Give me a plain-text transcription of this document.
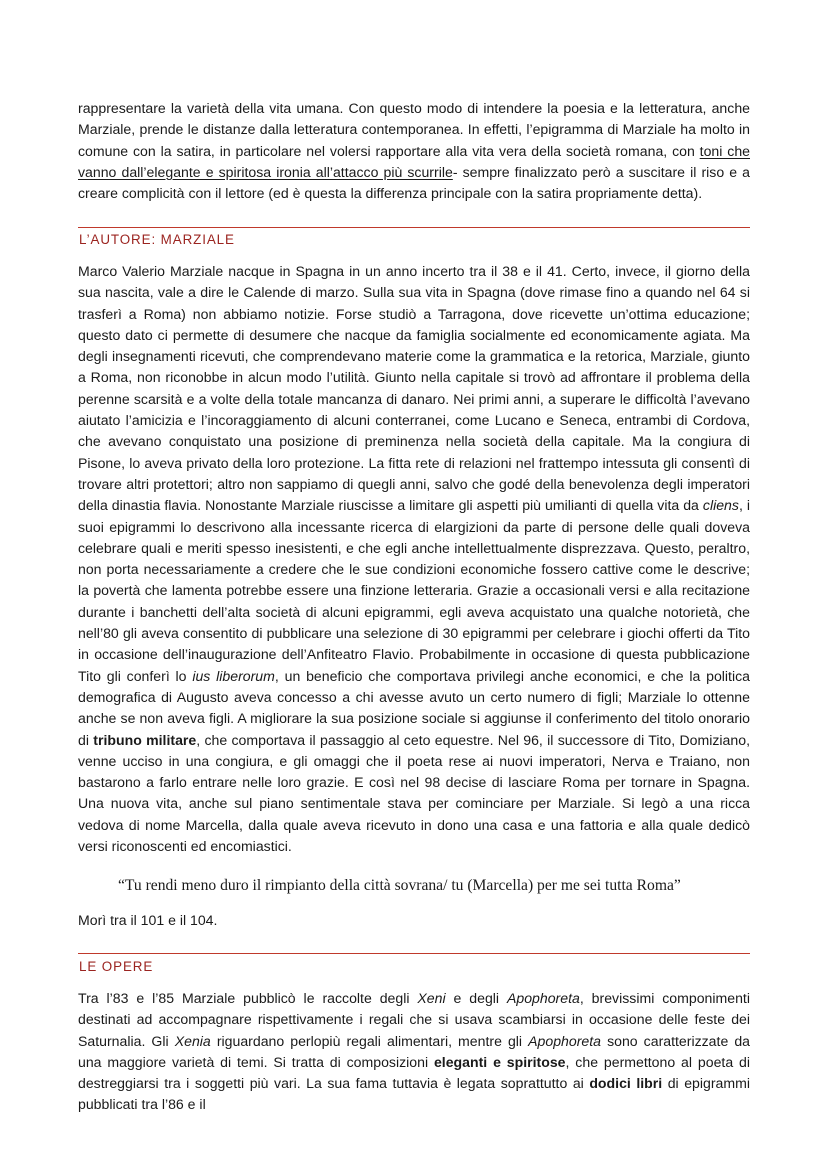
rappresentare la varietà della vita umana. Con questo modo di intendere la poesia e la letteratura, anche Marziale, prende le distanze dalla letteratura contemporanea. In effetti, l’epigramma di Marziale ha molto in comune con la satira, in particolare nel volersi rapportare alla vita vera della società romana, con toni che vanno dall’elegante e spiritosa ironia all’attacco più scurrile- sempre finalizzato però a suscitare il riso e a creare complicità con il lettore (ed è questa la differenza principale con la satira propriamente detta).

L’AUTORE: MARZIALE

Marco Valerio Marziale nacque in Spagna in un anno incerto tra il 38 e il 41. Certo, invece, il giorno della sua nascita, vale a dire le Calende di marzo. Sulla sua vita in Spagna (dove rimase fino a quando nel 64 si trasferì a Roma) non abbiamo notizie. Forse studiò a Tarragona, dove ricevette un’ottima educazione; questo dato ci permette di desumere che nacque da famiglia socialmente ed economicamente agiata. Ma degli insegnamenti ricevuti, che comprendevano materie come la grammatica e la retorica, Marziale, giunto a Roma, non riconobbe in alcun modo l’utilità. Giunto nella capitale si trovò ad affrontare il problema della perenne scarsità e a volte della totale mancanza di danaro. Nei primi anni, a superare le difficoltà l’avevano aiutato l’amicizia e l’incoraggiamento di alcuni conterranei, come Lucano e Seneca, entrambi di Cordova, che avevano conquistato una posizione di preminenza nella società della capitale. Ma la congiura di Pisone, lo aveva privato della loro protezione. La fitta rete di relazioni nel frattempo intessuta gli consentì di trovare altri protettori; altro non sappiamo di quegli anni, salvo che godé della benevolenza degli imperatori della dinastia flavia. Nonostante Marziale riuscisse a limitare gli aspetti più umilianti di quella vita da cliens, i suoi epigrammi lo descrivono alla incessante ricerca di elargizioni da parte di persone delle quali doveva celebrare quali e meriti spesso inesistenti, e che egli anche intellettualmente disprezzava. Questo, peraltro, non porta necessariamente a credere che le sue condizioni economiche fossero cattive come le descrive; la povertà che lamenta potrebbe essere una finzione letteraria. Grazie a occasionali versi e alla recitazione durante i banchetti dell’alta società di alcuni epigrammi, egli aveva acquistato una qualche notorietà, che nell’80 gli aveva consentito di pubblicare una selezione di 30 epigrammi per celebrare i giochi offerti da Tito in occasione dell’inaugurazione dell’Anfiteatro Flavio. Probabilmente in occasione di questa pubblicazione Tito gli conferì lo ius liberorum, un beneficio che comportava privilegi anche economici, e che la politica demografica di Augusto aveva concesso a chi avesse avuto un certo numero di figli; Marziale lo ottenne anche se non aveva figli. A migliorare la sua posizione sociale si aggiunse il conferimento del titolo onorario di tribuno militare, che comportava il passaggio al ceto equestre. Nel 96, il successore di Tito, Domiziano, venne ucciso in una congiura, e gli omaggi che il poeta rese ai nuovi imperatori, Nerva e Traiano, non bastarono a farlo entrare nelle loro grazie. E così nel 98 decise di lasciare Roma per tornare in Spagna. Una nuova vita, anche sul piano sentimentale stava per cominciare per Marziale. Si legò a una ricca vedova di nome Marcella, dalla quale aveva ricevuto in dono una casa e una fattoria e alla quale dedicò versi riconoscenti ed encomiastici.

“Tu rendi meno duro il rimpianto della città sovrana/ tu (Marcella) per me sei tutta Roma”

Morì tra il 101 e il 104.

LE OPERE

Tra l’83 e l’85 Marziale pubblicò le raccolte degli Xeni e degli Apophoreta, brevissimi componimenti destinati ad accompagnare rispettivamente i regali che si usava scambiarsi in occasione delle feste dei Saturnalia. Gli Xenia riguardano perlopiù regali alimentari, mentre gli Apophoreta sono caratterizzate da una maggiore varietà di temi. Si tratta di composizioni eleganti e spiritose, che permettono al poeta di destreggiarsi tra i soggetti più vari. La sua fama tuttavia è legata soprattutto ai dodici libri di epigrammi pubblicati tra l’86 e il
